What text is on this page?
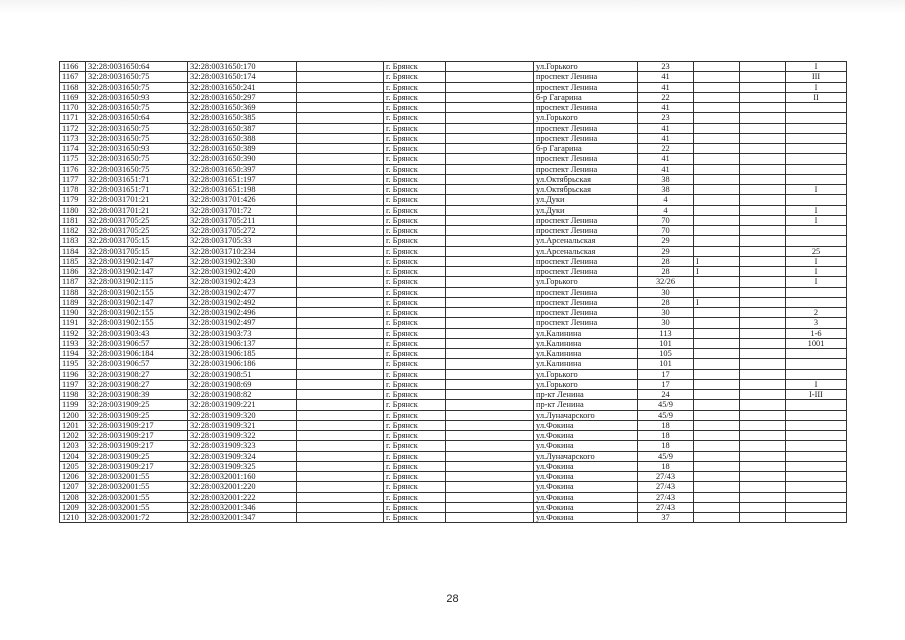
1166	32:28:0031650:64	32:28:0031650:170		г. Брянск		ул.Горького	23			I
1167	32:28:0031650:75	32:28:0031650:174		г. Брянск		проспект Ленина	41			III
1168	32:28:0031650:75	32:28:0031650:241		г. Брянск		проспект Ленина	41			I
1169	32:28:0031650:93	32:28:0031650:297		г. Брянск		б-р Гагарина	22			II
1170	32:28:0031650:75	32:28:0031650:369		г. Брянск		проспект Ленина	41			
1171	32:28:0031650:64	32:28:0031650:385		г. Брянск		ул.Горького	23			
1172	32:28:0031650:75	32:28:0031650:387		г. Брянск		проспект Ленина	41			
1173	32:28:0031650:75	32:28:0031650:388		г. Брянск		проспект Ленина	41			
1174	32:28:0031650:93	32:28:0031650:389		г. Брянск		б-р Гагарина	22			
1175	32:28:0031650:75	32:28:0031650:390		г. Брянск		проспект Ленина	41			
1176	32:28:0031650:75	32:28:0031650:397		г. Брянск		проспект Ленина	41			
1177	32:28:0031651:71	32:28:0031651:197		г. Брянск		ул.Октябрьская	38			
1178	32:28:0031651:71	32:28:0031651:198		г. Брянск		ул.Октябрьская	38			I
1179	32:28:0031701:21	32:28:0031701:426		г. Брянск		ул.Дуки	4			
1180	32:28:0031701:21	32:28:0031701:72		г. Брянск		ул.Дуки	4			I
1181	32:28:0031705:25	32:28:0031705:211		г. Брянск		проспект Ленина	70			I
1182	32:28:0031705:25	32:28:0031705:272		г. Брянск		проспект Ленина	70			
1183	32:28:0031705:15	32:28:0031705:33		г. Брянск		ул.Арсенальская	29			
1184	32:28:0031705:15	32:28:0031710:234		г. Брянск		ул.Арсенальская	29			25
1185	32:28:0031902:147	32:28:0031902:330		г. Брянск		проспект Ленина	28	I		I
1186	32:28:0031902:147	32:28:0031902:420		г. Брянск		проспект Ленина	28	I		I
1187	32:28:0031902:115	32:28:0031902:423		г. Брянск		ул.Горького	32/26			I
1188	32:28:0031902:155	32:28:0031902:477		г. Брянск		проспект Ленина	30			
1189	32:28:0031902:147	32:28:0031902:492		г. Брянск		проспект Ленина	28	I		
1190	32:28:0031902:155	32:28:0031902:496		г. Брянск		проспект Ленина	30			2
1191	32:28:0031902:155	32:28:0031902:497		г. Брянск		проспект Ленина	30			3
1192	32:28:0031903:43	32:28:0031903:73		г. Брянск		ул.Калинина	113			1-6
1193	32:28:0031906:57	32:28:0031906:137		г. Брянск		ул.Калинина	101			1001
1194	32:28:0031906:184	32:28:0031906:185		г. Брянск		ул.Калинина	105			
1195	32:28:0031906:57	32:28:0031906:186		г. Брянск		ул.Калинина	101			
1196	32:28:0031908:27	32:28:0031908:51		г. Брянск		ул.Горького	17			
1197	32:28:0031908:27	32:28:0031908:69		г. Брянск		ул.Горького	17			I
1198	32:28:0031908:39	32:28:0031908:82		г. Брянск		пр-кт Ленина	24			I-III
1199	32:28:0031909:25	32:28:0031909:221		г. Брянск		пр-кт Ленина	45/9			
1200	32:28:0031909:25	32:28:0031909:320		г. Брянск		ул.Луначарского	45/9			
1201	32:28:0031909:217	32:28:0031909:321		г. Брянск		ул.Фокина	18			
1202	32:28:0031909:217	32:28:0031909:322		г. Брянск		ул.Фокина	18			
1203	32:28:0031909:217	32:28:0031909:323		г. Брянск		ул.Фокина	18			
1204	32:28:0031909:25	32:28:0031909:324		г. Брянск		ул.Луначарского	45/9			
1205	32:28:0031909:217	32:28:0031909:325		г. Брянск		ул.Фокина	18			
1206	32:28:0032001:55	32:28:0032001:160		г. Брянск		ул.Фокина	27/43			
1207	32:28:0032001:55	32:28:0032001:220		г. Брянск		ул.Фокина	27/43			
1208	32:28:0032001:55	32:28:0032001:222		г. Брянск		ул.Фокина	27/43			
1209	32:28:0032001:55	32:28:0032001:346		г. Брянск		ул.Фокина	27/43			
1210	32:28:0032001:72	32:28:0032001:347		г. Брянск		ул.Фокина	37			
28
